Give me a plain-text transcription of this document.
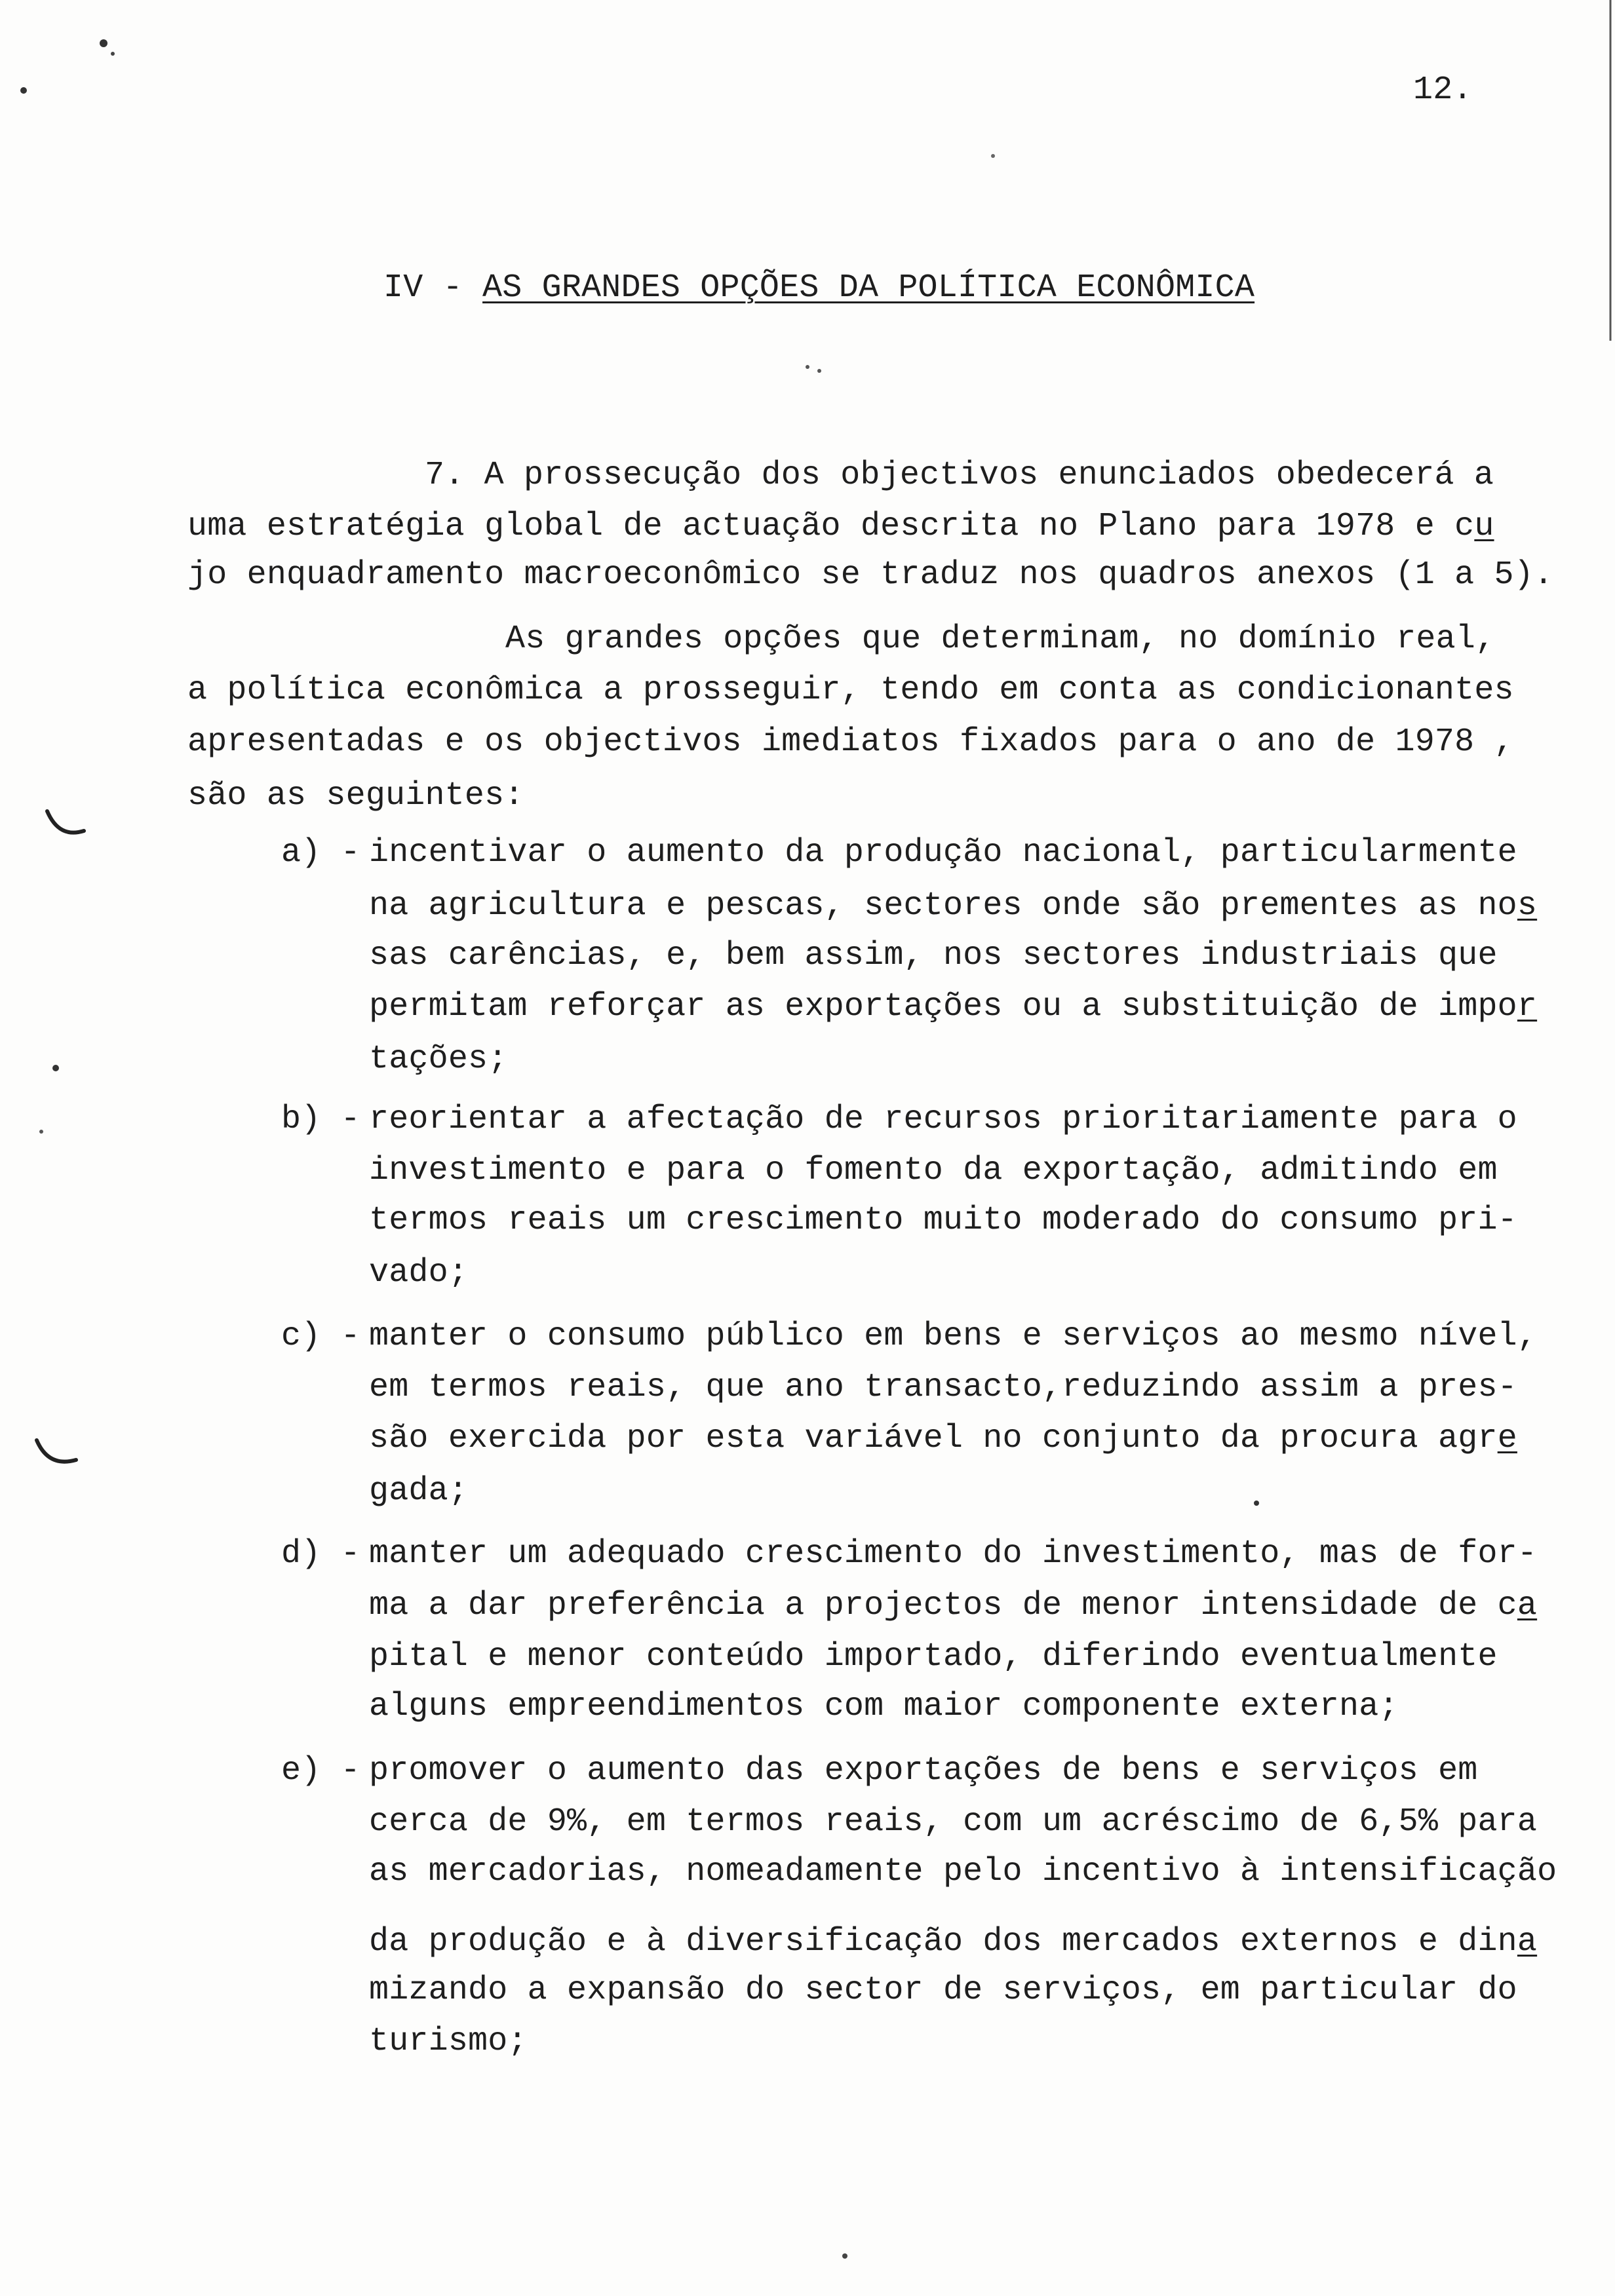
12.
IV - AS GRANDES OPÇÕES DA POLÍTICA ECONÔMICA
7. A prossecução dos objectivos enunciados obedecerá a
uma estratégia global de actuação descrita no Plano para 1978 e cu
jo enquadramento macroeconômico se traduz nos quadros anexos (1 a 5).
As grandes opções que determinam, no domínio real,
a política econômica a prosseguir, tendo em conta as condicionantes
apresentadas e os objectivos imediatos fixados para o ano de 1978 ,
são as seguintes:
a) - incentivar o aumento da produção nacional, particularmente
na agricultura e pescas, sectores onde são prementes as nos
sas carências, e, bem assim, nos sectores industriais que
permitam reforçar as exportações ou a substituição de impor
tações;
b) - reorientar a afectação de recursos prioritariamente para o
investimento e para o fomento da exportação, admitindo em
termos reais um crescimento muito moderado do consumo pri-
vado;
c) - manter o consumo público em bens e serviços ao mesmo nível,
em termos reais, que ano transacto,reduzindo assim a pres-
são exercida por esta variável no conjunto da procura agre
gada;
d) - manter um adequado crescimento do investimento, mas de for-
ma a dar preferência a projectos de menor intensidade de ca
pital e menor conteúdo importado, diferindo eventualmente
alguns empreendimentos com maior componente externa;
e) - promover o aumento das exportações de bens e serviços em
cerca de 9%, em termos reais, com um acréscimo de 6,5% para
as mercadorias, nomeadamente pelo incentivo à intensificação
da produção e à diversificação dos mercados externos e dina
mizando a expansão do sector de serviços, em particular do
turismo;
